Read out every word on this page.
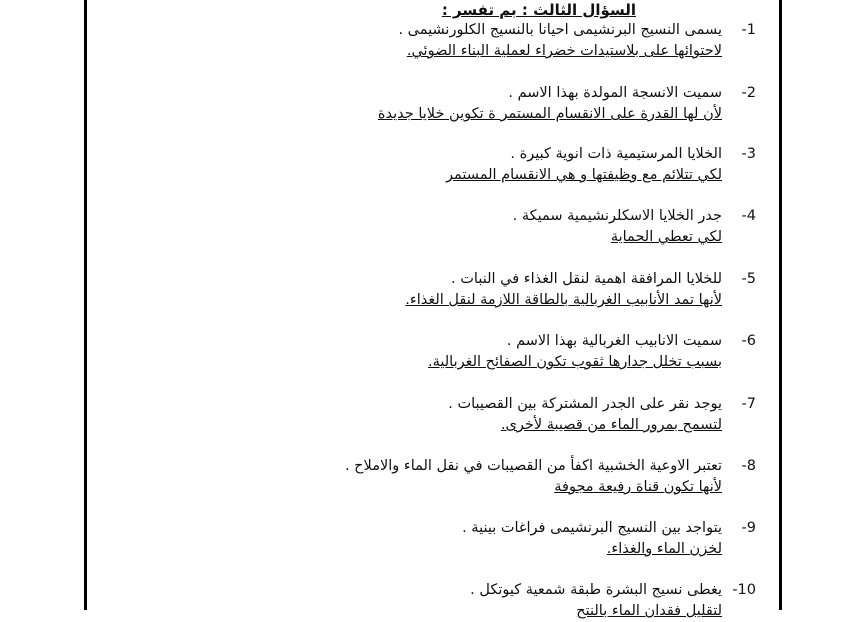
السؤال الثالث : بم تفسر :
-1
يسمى النسيج البرنشيمى احيانا بالنسيج الكلورنشيمى .
لاحتوائها على بلاستيدات خضراء لعملية البناء الضوئي.
-2
سميت الانسجة المولدة بهذا الاسم .
لأن لها القدرة على الانقسام المستمر ة تكوين خلايا جديدة
-3
الخلايا المرستيمية ذات انوية كبيرة .
لكي تتلائم مع وظيفتها و هي الانقسام المستمر
-4
جدر الخلايا الاسكلرنشيمية سميكة .
لكي تعطي الحماية
-5
للخلايا المرافقة اهمية لنقل الغذاء في النبات .
لأنها تمد الأنابيب الغربالية بالطاقة اللازمة لنقل الغذاء.
-6
سميت الانابيب الغربالية بهذا الاسم .
بسبب تخلل جدارها ثقوب تكون الصفائح الغربالية.
-7
يوجد نقر على الجدر المشتركة بين القصيبات .
لتسمح بمرور الماء من قصيبة لأخرى.
-8
تعتبر الاوعية الخشبية اكفأ من القصيبات في نقل الماء والاملاح .
لأنها تكون قناة رفيعة مجوفة
-9
يتواجد بين النسيج البرنشيمى فراغات بينية .
لخزن الماء والغذاء.
-10
يغطى نسيج البشرة طبقة شمعية كيوتكل .
لتقليل فقدان الماء بالنتح
